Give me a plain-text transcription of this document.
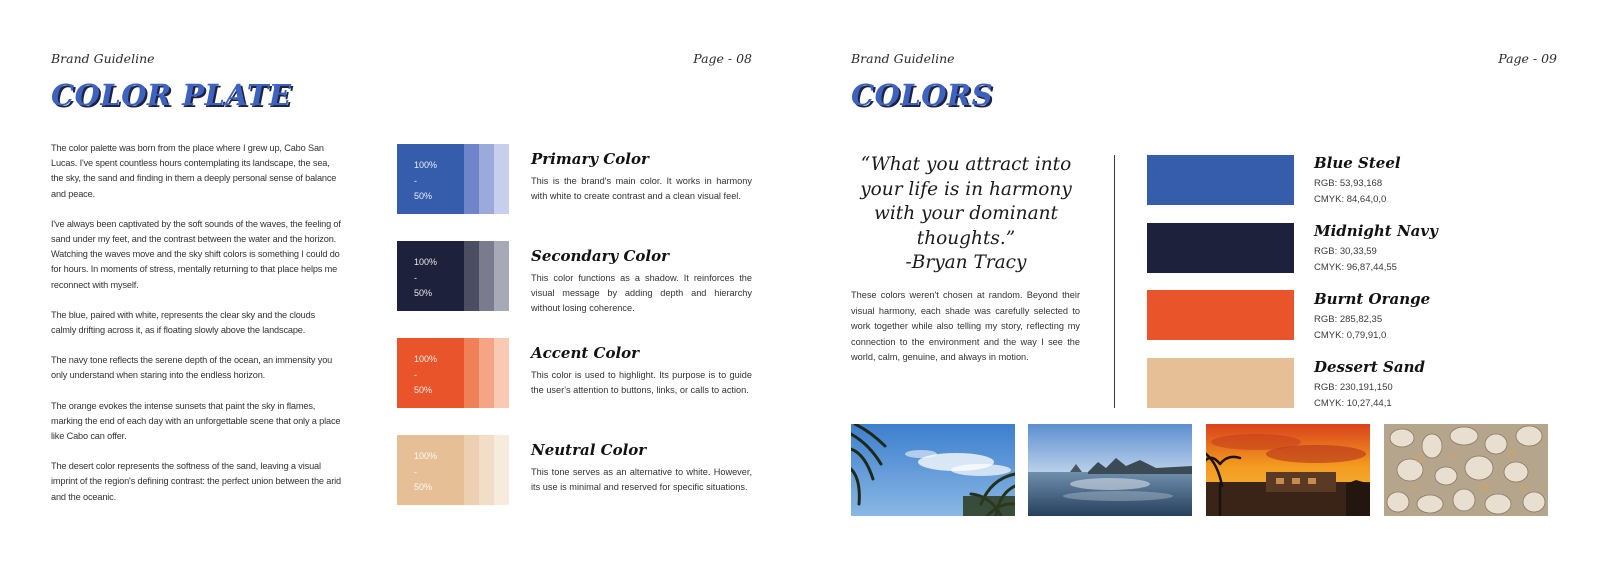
Brand Guideline	Page - 08
COLOR PLATE

The color palette was born from the place where I grew up, Cabo San Lucas. I've spent countless hours contemplating its landscape, the sea, the sky, the sand and finding in them a deeply personal sense of balance and peace.

I've always been captivated by the soft sounds of the waves, the feeling of sand under my feet, and the contrast between the water and the horizon. Watching the waves move and the sky shift colors is something I could do for hours. In moments of stress, mentally returning to that place helps me reconnect with myself.

The blue, paired with white, represents the clear sky and the clouds calmly drifting across it, as if floating slowly above the landscape.

The navy tone reflects the serene depth of the ocean, an immensity you only understand when staring into the endless horizon.

The orange evokes the intense sunsets that paint the sky in flames, marking the end of each day with an unforgettable scene that only a place like Cabo can offer.

The desert color represents the softness of the sand, leaving a visual imprint of the region's defining contrast: the perfect union between the arid and the oceanic.

100%
-
50%
Primary Color

This is the brand's main color. It works in harmony with white to create contrast and a clean visual feel.

100%
-
50%
Secondary Color

This color functions as a shadow. It reinforces the visual message by adding depth and hierarchy without losing coherence.

100%
-
50%
Accent Color

This color is used to highlight. Its purpose is to guide the user's attention to buttons, links, or calls to action.

100%
-
50%
Neutral Color

This tone serves as an alternative to white. However, its use is minimal and reserved for specific situations.

Brand Guideline	Page - 09
COLORS
“What you attract into your life is in harmony with your dominant thoughts.”
-Bryan Tracy

These colors weren't chosen at random. Beyond their visual harmony, each shade was carefully selected to work together while also telling my story, reflecting my connection to the environment and the way I see the world, calm, genuine, and always in motion.

Blue Steel
RGB: 53,93,168
CMYK: 84,64,0,0
Midnight Navy
RGB: 30,33,59
CMYK: 96,87,44,55
Burnt Orange
RGB: 285,82,35
CMYK: 0,79,91,0
Dessert Sand
RGB: 230,191,150
CMYK: 10,27,44,1
